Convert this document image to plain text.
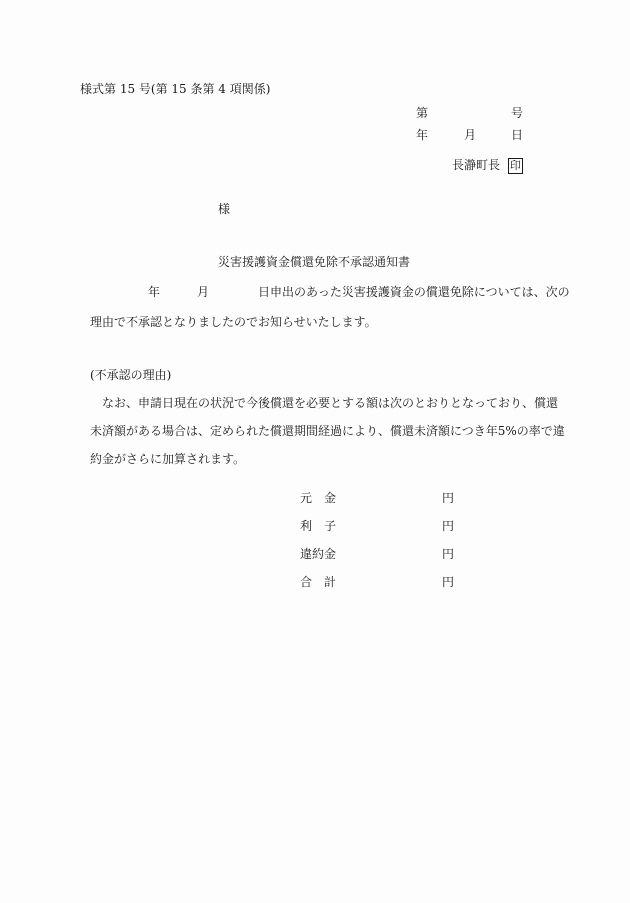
様式第 15 号(第 15 条第 4 項関係)
第	号
年	月	日
長瀞町長 印
様
災害援護資金償還免除不承認通知書
年	月	日申出のあった災害援護資金の償還免除については、次の
理由で不承認となりましたのでお知らせいたします。
(不承認の理由)
なお、申請日現在の状況で今後償還を必要とする額は次のとおりとなっており、償還
未済額がある場合は、定められた償還期間経過により、償還未済額につき年5%の率で違
約金がさらに加算されます。
元　金	円
利　子	円
違約金	円
合　計	円
